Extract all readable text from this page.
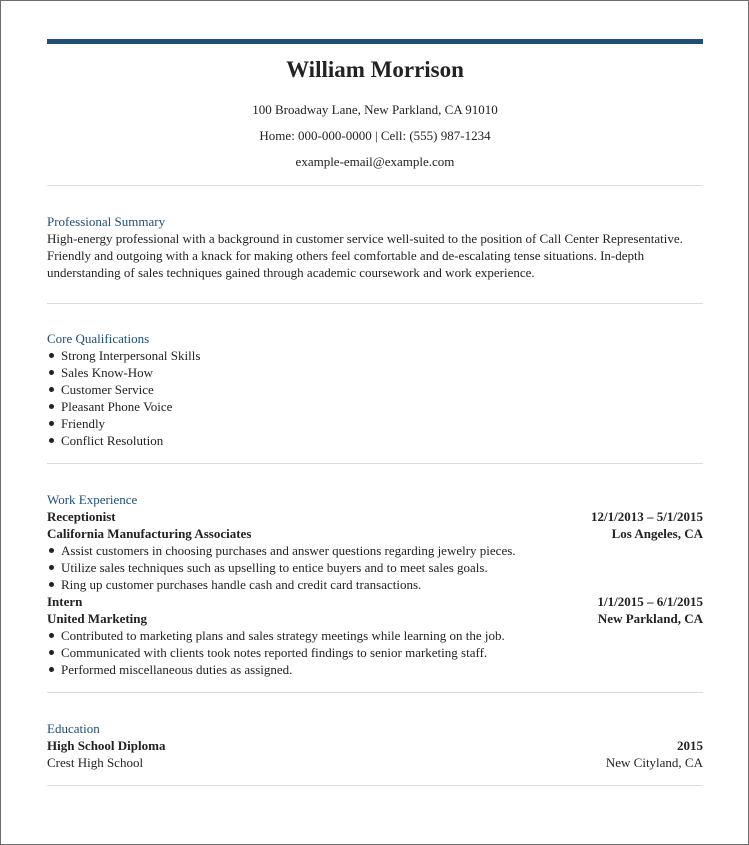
William Morrison
100 Broadway Lane, New Parkland, CA 91010
Home: 000-000-0000 | Cell: (555) 987-1234
example-email@example.com
Professional Summary
High-energy professional with a background in customer service well-suited to the position of Call Center Representative. Friendly and outgoing with a knack for making others feel comfortable and de-escalating tense situations. In-depth understanding of sales techniques gained through academic coursework and work experience.
Core Qualifications
Strong Interpersonal Skills
Sales Know-How
Customer Service
Pleasant Phone Voice
Friendly
Conflict Resolution
Work Experience
Receptionist	12/1/2013 – 5/1/2015
California Manufacturing Associates	Los Angeles, CA
Assist customers in choosing purchases and answer questions regarding jewelry pieces.
Utilize sales techniques such as upselling to entice buyers and to meet sales goals.
Ring up customer purchases handle cash and credit card transactions.
Intern	1/1/2015 – 6/1/2015
United Marketing	New Parkland, CA
Contributed to marketing plans and sales strategy meetings while learning on the job.
Communicated with clients took notes reported findings to senior marketing staff.
Performed miscellaneous duties as assigned.
Education
High School Diploma	2015
Crest High School	New Cityland, CA
